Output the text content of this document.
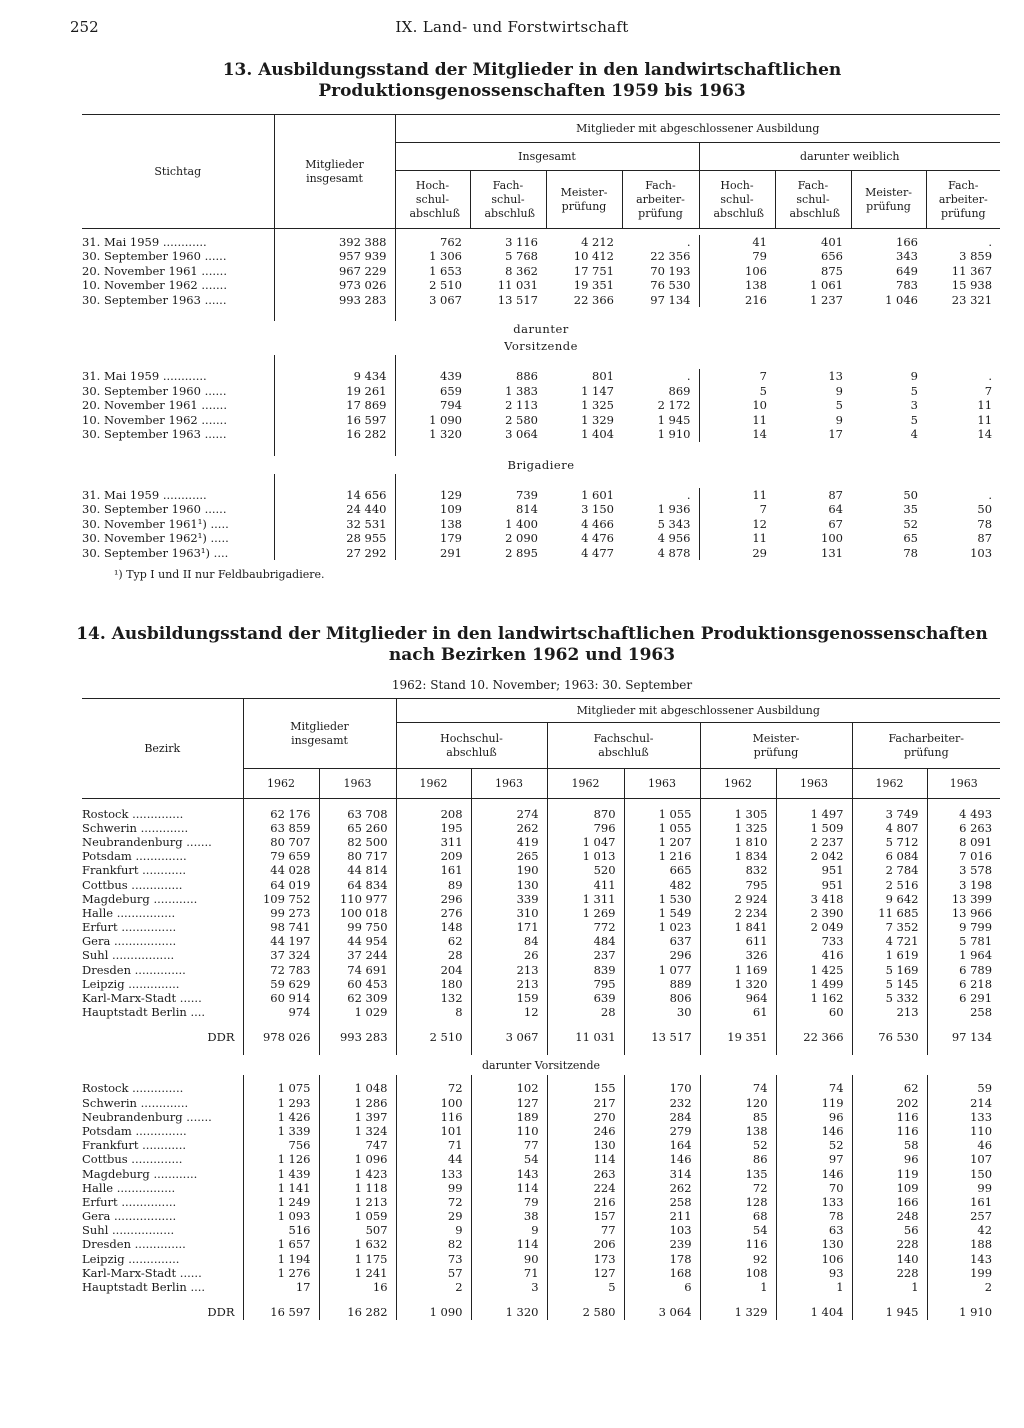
252	IX. Land- und Forstwirtschaft
13. Ausbildungsstand der Mitglieder in den landwirtschaftlichen
Produktionsgenossenschaften 1959 bis 1963
Stichtag	Mitglieder insgesamt	Mitglieder mit abgeschlossener Ausbildung							
		Insgesamt				darunter weiblich			
		Hoch- schul- abschluß	Fach- schul- abschluß	Meister- prüfung	Fach- arbeiter- prüfung	Hoch- schul- abschluß	Fach- schul- abschluß	Meister- prüfung	Fach- arbeiter- prüfung

31. Mai 1959 ............	392 388	762	3 116	4 212	.	41	401	166	.
30. September 1960 ......	957 939	1 306	5 768	10 412	22 356	79	656	343	3 859
20. November 1961 .......	967 229	1 653	8 362	17 751	70 193	106	875	649	11 367
10. November 1962 .......	973 026	2 510	11 031	19 351	76 530	138	1 061	783	15 938
30. September 1963 ......	993 283	3 067	13 517	22 366	97 134	216	1 237	1 046	23 321

darunter									
Vorsitzende									

31. Mai 1959 ............	9 434	439	886	801	.	7	13	9	.
30. September 1960 ......	19 261	659	1 383	1 147	869	5	9	5	7
20. November 1961 .......	17 869	794	2 113	1 325	2 172	10	5	3	11
10. November 1962 .......	16 597	1 090	2 580	1 329	1 945	11	9	5	11
30. September 1963 ......	16 282	1 320	3 064	1 404	1 910	14	17	4	14

Brigadiere									

31. Mai 1959 ............	14 656	129	739	1 601	.	11	87	50	.
30. September 1960 ......	24 440	109	814	3 150	1 936	7	64	35	50
30. November 1961¹) .....	32 531	138	1 400	4 466	5 343	12	67	52	78
30. November 1962¹) .....	28 955	179	2 090	4 476	4 956	11	100	65	87
30. September 1963¹) ....	27 292	291	2 895	4 477	4 878	29	131	78	103
¹) Typ I und II nur Feldbaubrigadiere.
14. Ausbildungsstand der Mitglieder in den landwirtschaftlichen Produktionsgenossenschaften
nach Bezirken 1962 und 1963
1962: Stand 10. November; 1963: 30. September
Bezirk	Mitglieder insgesamt		Mitglieder mit abgeschlossener Ausbildung							
			Hochschul- abschluß		Fachschul- abschluß		Meister- prüfung		Facharbeiter- prüfung	
	1962	1963	1962	1963	1962	1963	1962	1963	1962	1963

Rostock ..............	62 176	63 708	208	274	870	1 055	1 305	1 497	3 749	4 493
Schwerin .............	63 859	65 260	195	262	796	1 055	1 325	1 509	4 807	6 263
Neubrandenburg .......	80 707	82 500	311	419	1 047	1 207	1 810	2 237	5 712	8 091
Potsdam ..............	79 659	80 717	209	265	1 013	1 216	1 834	2 042	6 084	7 016
Frankfurt ............	44 028	44 814	161	190	520	665	832	951	2 784	3 578
Cottbus ..............	64 019	64 834	89	130	411	482	795	951	2 516	3 198
Magdeburg ............	109 752	110 977	296	339	1 311	1 530	2 924	3 418	9 642	13 399
Halle ................	99 273	100 018	276	310	1 269	1 549	2 234	2 390	11 685	13 966
Erfurt ...............	98 741	99 750	148	171	772	1 023	1 841	2 049	7 352	9 799
Gera .................	44 197	44 954	62	84	484	637	611	733	4 721	5 781
Suhl .................	37 324	37 244	28	26	237	296	326	416	1 619	1 964
Dresden ..............	72 783	74 691	204	213	839	1 077	1 169	1 425	5 169	6 789
Leipzig ..............	59 629	60 453	180	213	795	889	1 320	1 499	5 145	6 218
Karl-Marx-Stadt ......	60 914	62 309	132	159	639	806	964	1 162	5 332	6 291
Hauptstadt Berlin ....	974	1 029	8	12	28	30	61	60	213	258

DDR	978 026	993 283	2 510	3 067	11 031	13 517	19 351	22 366	76 530	97 134

darunter Vorsitzende										

Rostock ..............	1 075	1 048	72	102	155	170	74	74	62	59
Schwerin .............	1 293	1 286	100	127	217	232	120	119	202	214
Neubrandenburg .......	1 426	1 397	116	189	270	284	85	96	116	133
Potsdam ..............	1 339	1 324	101	110	246	279	138	146	116	110
Frankfurt ............	756	747	71	77	130	164	52	52	58	46
Cottbus ..............	1 126	1 096	44	54	114	146	86	97	96	107
Magdeburg ............	1 439	1 423	133	143	263	314	135	146	119	150
Halle ................	1 141	1 118	99	114	224	262	72	70	109	99
Erfurt ...............	1 249	1 213	72	79	216	258	128	133	166	161
Gera .................	1 093	1 059	29	38	157	211	68	78	248	257
Suhl .................	516	507	9	9	77	103	54	63	56	42
Dresden ..............	1 657	1 632	82	114	206	239	116	130	228	188
Leipzig ..............	1 194	1 175	73	90	173	178	92	106	140	143
Karl-Marx-Stadt ......	1 276	1 241	57	71	127	168	108	93	228	199
Hauptstadt Berlin ....	17	16	2	3	5	6	1	1	1	2

DDR	16 597	16 282	1 090	1 320	2 580	3 064	1 329	1 404	1 945	1 910
